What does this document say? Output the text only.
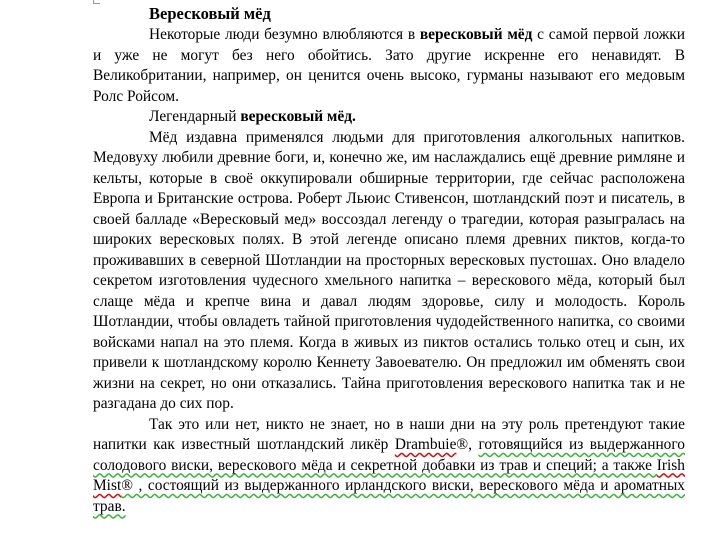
Вересковый мёд

Некоторые люди безумно влюбляются в вересковый мёд с самой первой ложки и уже не могут без него обойтись. Зато другие искренне его ненавидят. В Великобритании, например, он ценится очень высоко, гурманы называют его медовым Ролс Ройсом.

Легендарный вересковый мёд.

Мёд издавна применялся людьми для приготовления алкогольных напитков. Медовуху любили древние боги, и, конечно же, им наслаждались ещё древние римляне и кельты, которые в своё оккупировали обширные территории, где сейчас расположена Европа и Британские острова. Роберт Льюис Стивенсон, шотландский поэт и писатель, в своей балладе «Вересковый мед» воссоздал легенду о трагедии, которая разыгралась на широких вересковых полях. В этой легенде описано племя древних пиктов, когда-то проживавших в северной Шотландии на просторных вересковых пустошах. Оно владело секретом изготовления чудесного хмельного напитка – верескового мёда, который был слаще мёда и крепче вина и давал людям здоровье, силу и молодость. Король Шотландии, чтобы овладеть тайной приготовления чудодейственного напитка, со своими войсками напал на это племя. Когда в живых из пиктов остались только отец и сын, их привели к шотландскому королю Кеннету Завоевателю. Он предложил им обменять свои жизни на секрет, но они отказались. Тайна приготовления верескового напитка так и не разгадана до сих пор.

Так это или нет, никто не знает, но в наши дни на эту роль претендуют такие напитки как известный шотландский ликёр Drambuie®, готовящийся из выдержанного солодового виски, верескового мёда и секретной добавки из трав и специй; а также Irish Mist® , состоящий из выдержанного ирландского виски, верескового мёда и ароматных трав.
